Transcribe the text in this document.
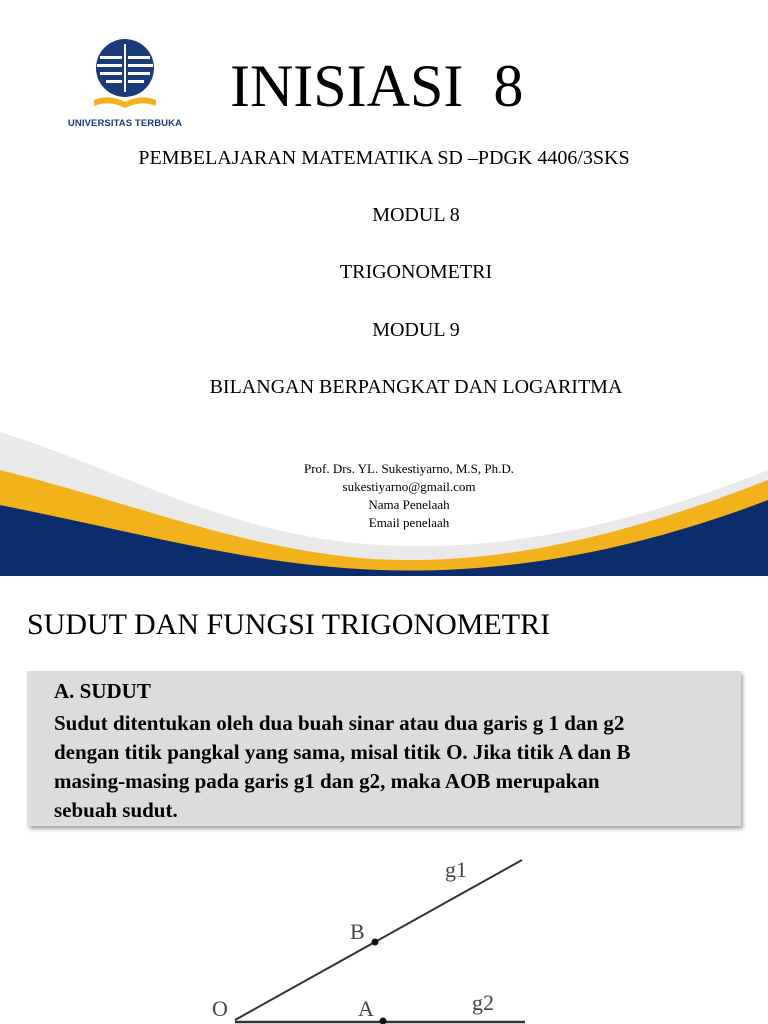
UNIVERSITAS TERBUKA
INISIASI  8
PEMBELAJARAN MATEMATIKA SD –PDGK 4406/3SKS
MODUL 8
TRIGONOMETRI
MODUL 9
BILANGAN BERPANGKAT DAN LOGARITMA
Prof. Drs. YL. Sukestiyarno, M.S, Ph.D.
sukestiyarno@gmail.com
Nama Penelaah
Email penelaah
SUDUT DAN FUNGSI TRIGONOMETRI
A. SUDUT
Sudut ditentukan oleh dua buah sinar atau dua garis g 1 dan g2
dengan titik pangkal yang sama, misal titik O. Jika titik A dan B
masing-masing pada garis g1 dan g2, maka AOB merupakan
sebuah sudut.
g1
B
O	A	g2
